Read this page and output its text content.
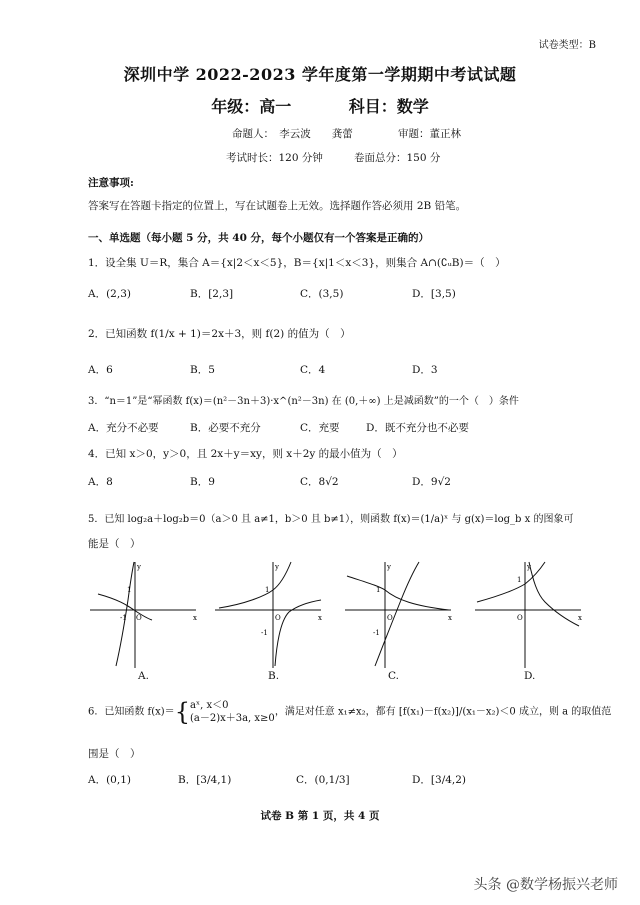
试卷类型：B
深圳中学 2022-2023 学年度第一学期期中考试试题
年级：高一	科目：数学
命题人：　李云波　　龚蕾	审题：董正林
考试时长：120 分钟	卷面总分：150 分
注意事项:
答案写在答题卡指定的位置上，写在试题卷上无效。选择题作答必须用 2B 铅笔。
一、单选题（每小题 5 分，共 40 分，每个小题仅有一个答案是正确的）
1．设全集 U＝R，集合 A＝{x|2＜x＜5}，B＝{x|1＜x＜3}，则集合 A∩(∁ᵤB)＝（　）
A．(2,3)	B．[2,3]	C．(3,5)	D．[3,5)
2．已知函数 f(1/x + 1)＝2x＋3，则 f(2) 的值为（　）
A．6	B．5	C．4	D．3
3．“n＝1”是“幂函数 f(x)＝(n²－3n＋3)·x^(n²－3n) 在 (0,＋∞) 上是减函数”的一个（　）条件
A．充分不必要	B．必要不充分	C．充要	D．既不充分也不必要
4．已知 x＞0，y＞0，且 2x＋y＝xy，则 x＋2y 的最小值为（　）
A．8	B．9	C．8√2	D．9√2
5．已知 log₂a＋log₂b＝0（a＞0 且 a≠1，b＞0 且 b≠1），则函数 f(x)＝(1/a)ˣ 与 g(x)＝log_b x 的图象可
能是（　）
y
x
1
-1 O
y
x
1
-1
O
y
x
1
-1
O
y
x
1
O
A.	B.	C.	D.
6．已知函数 f(x)＝{aˣ, x＜0
(a－2)x＋3a, x≥0，满足对任意 x₁≠x₂，都有 [f(x₁)－f(x₂)]/(x₁－x₂)＜0 成立，则 a 的取值范
围是（　）
A．(0,1)	B．[3/4,1)	C．(0,1/3]	D．[3/4,2)
试卷 B 第 1 页，共 4 页
头条 @数学杨振兴老师
